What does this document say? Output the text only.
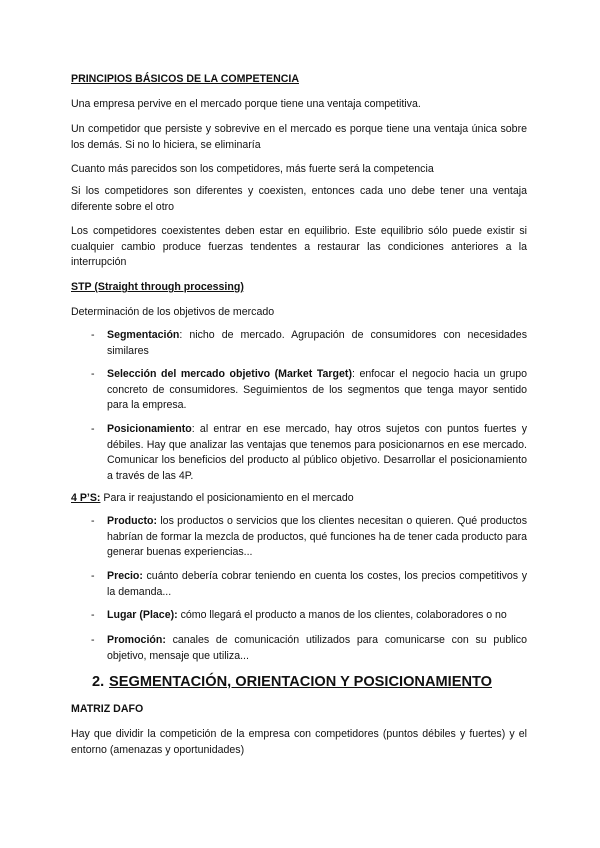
PRINCIPIOS BÁSICOS DE LA COMPETENCIA
Una empresa pervive en el mercado porque tiene una ventaja competitiva.
Un competidor que persiste y sobrevive en el mercado es porque tiene una ventaja única sobre los demás. Si no lo hiciera, se eliminaría
Cuanto más parecidos son los competidores, más fuerte será la competencia
Si los competidores son diferentes y coexisten, entonces cada uno debe tener una ventaja diferente sobre el otro
Los competidores coexistentes deben estar en equilibrio. Este equilibrio sólo puede existir si cualquier cambio produce fuerzas tendentes a restaurar las condiciones anteriores a la interrupción
STP (Straight through processing)
Determinación de los objetivos de mercado
- Segmentación: nicho de mercado. Agrupación de consumidores con necesidades similares
- Selección del mercado objetivo (Market Target): enfocar el negocio hacia un grupo concreto de consumidores. Seguimientos de los segmentos que tenga mayor sentido para la empresa.
- Posicionamiento: al entrar en ese mercado, hay otros sujetos con puntos fuertes y débiles. Hay que analizar las ventajas que tenemos para posicionarnos en ese mercado. Comunicar los beneficios del producto al público objetivo. Desarrollar el posicionamiento a través de las 4P.
4 P’S: Para ir reajustando el posicionamiento en el mercado
- Producto: los productos o servicios que los clientes necesitan o quieren. Qué productos habrían de formar la mezcla de productos, qué funciones ha de tener cada producto para generar buenas experiencias...
- Precio: cuánto debería cobrar teniendo en cuenta los costes, los precios competitivos y la demanda...
- Lugar (Place): cómo llegará el producto a manos de los clientes, colaboradores o no
- Promoción: canales de comunicación utilizados para comunicarse con su publico objetivo, mensaje que utiliza...
2. SEGMENTACIÓN, ORIENTACION Y POSICIONAMIENTO
MATRIZ DAFO
Hay que dividir la competición de la empresa con competidores (puntos débiles y fuertes) y el entorno (amenazas y oportunidades)
